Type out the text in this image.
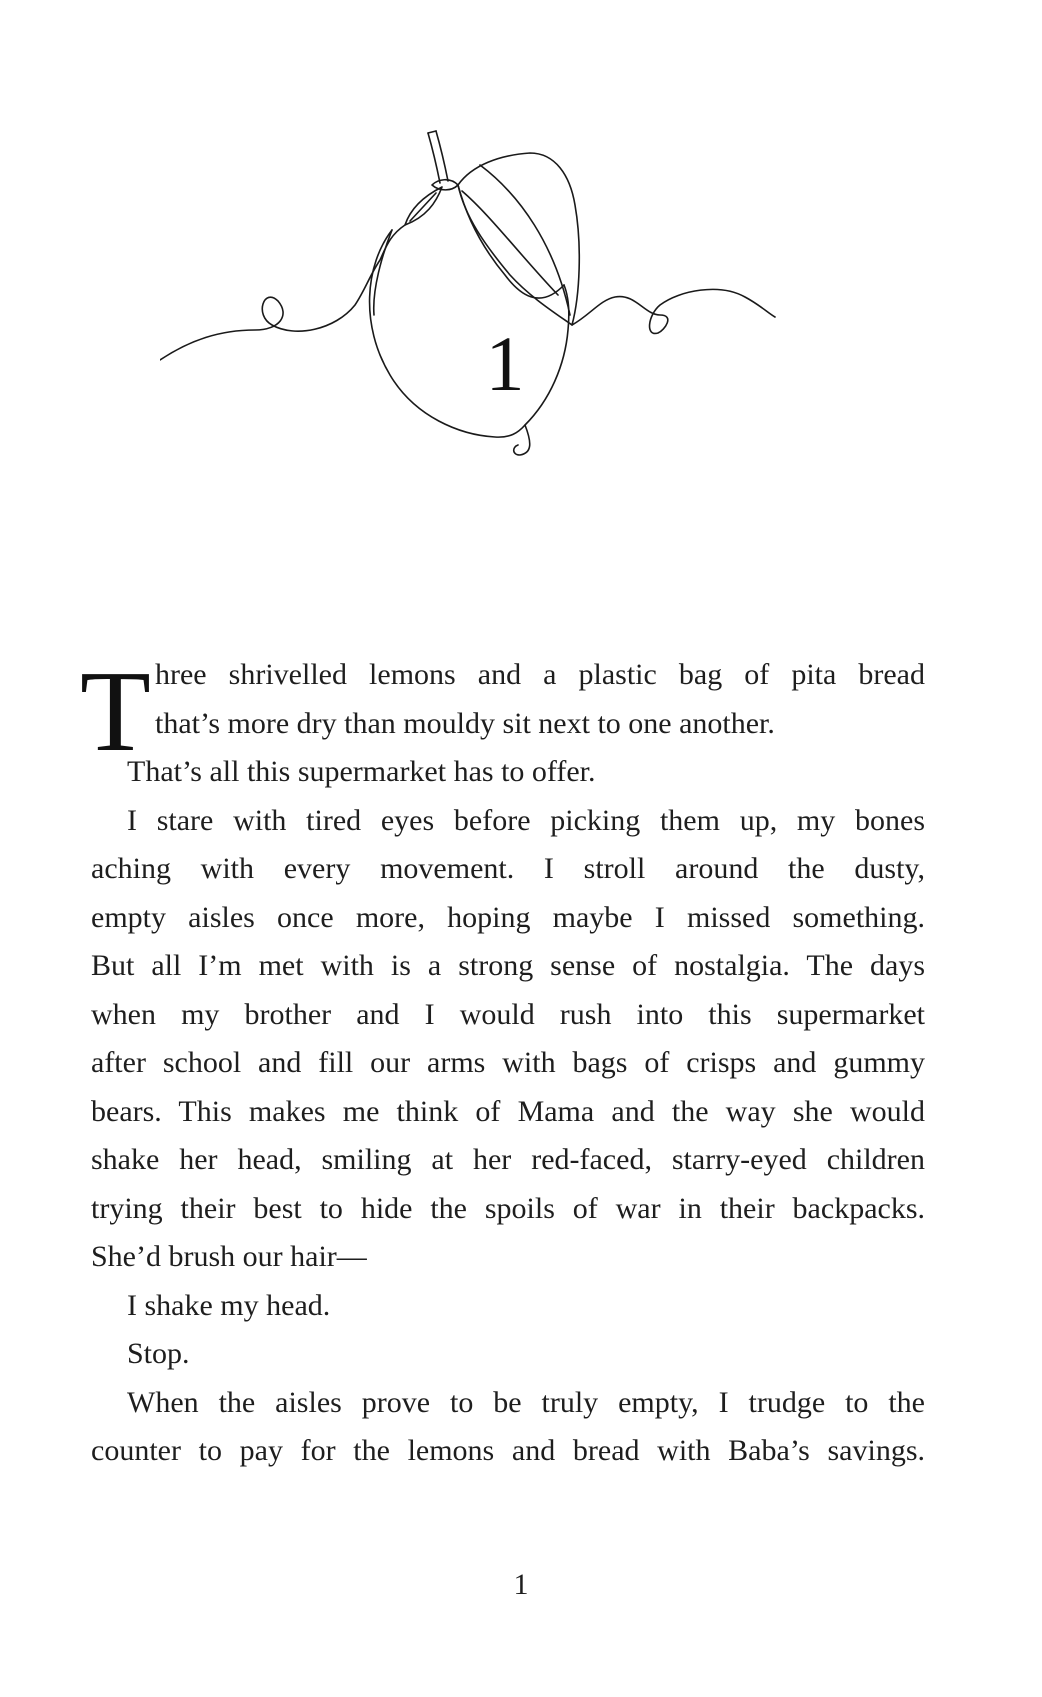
1
T hree shrivelled lemons and a plastic bag of pita bread
that’s more dry than mouldy sit next to one another.
That’s all this supermarket has to offer.
I stare with tired eyes before picking them up, my bones
aching with every movement. I stroll around the dusty,
empty aisles once more, hoping maybe I missed something.
But all I’m met with is a strong sense of nostalgia. The days
when my brother and I would rush into this supermarket
after school and fill our arms with bags of crisps and gummy
bears. This makes me think of Mama and the way she would
shake her head, smiling at her red-faced, starry-eyed children
trying their best to hide the spoils of war in their backpacks.
She’d brush our hair—
I shake my head.
Stop.
When the aisles prove to be truly empty, I trudge to the
counter to pay for the lemons and bread with Baba’s savings.
1
